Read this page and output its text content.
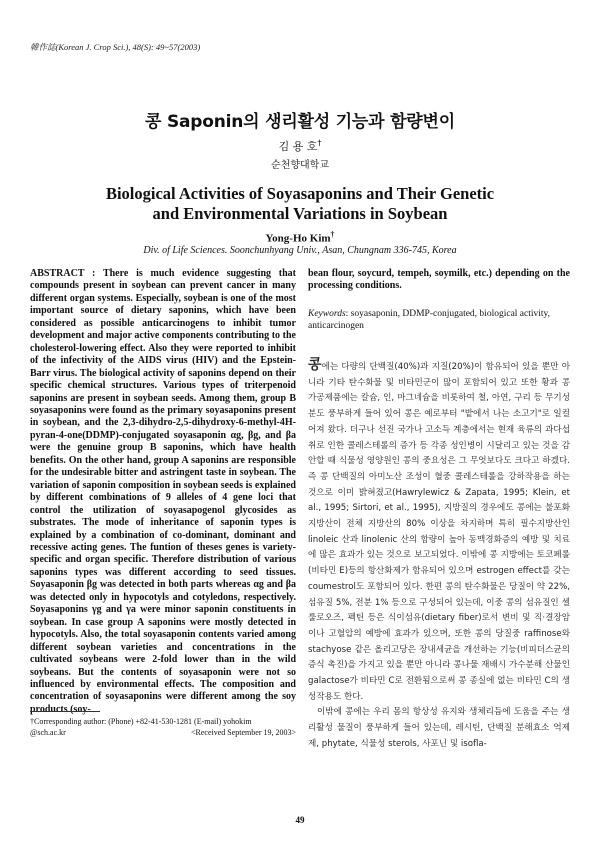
韓作誌(Korean J. Crop Sci.), 48(S): 49~57(2003)
콩 Saponin의 생리활성 기능과 함량변이
김 용 호†
순천향대학교
Biological Activities of Soyasaponins and Their Genetic
and Environmental Variations in Soybean
Yong-Ho Kim†
Div. of Life Sciences. Soonchunhyang Univ., Asan, Chungnam 336-745, Korea
ABSTRACT : There is much evidence suggesting that compounds present in soybean can prevent cancer in many different organ systems. Especially, soybean is one of the most important source of dietary saponins, which have been considered as possible anticarcinogens to inhibit tumor development and major active components contributing to the cholesterol-lowering effect. Also they were reported to inhibit of the infectivity of the AIDS virus (HIV) and the Epstein-Barr virus. The biological activity of saponins depend on their specific chemical structures. Various types of triterpenoid saponins are present in soybean seeds. Among them, group B soyasaponins were found as the primary soyasaponins present in soybean, and the 2,3-dihydro-2,5-dihydroxy-6-methyl-4H-pyran-4-one(DDMP)-conjugated soyasaponin αg, βg, and βa were the genuine group B saponins, which have health benefits. On the other hand, group A saponins are responsible for the undesirable bitter and astringent taste in soybean. The variation of saponin composition in soybean seeds is explained by different combinations of 9 alleles of 4 gene loci that control the utilization of soyasapogenol glycosides as substrates. The mode of inheritance of saponin types is explained by a combination of co-dominant, dominant and recessive acting genes. The funtion of theses genes is variety-specific and organ specific. Therefore distribution of various saponins types was different according to seed tissues. Soyasaponin βg was detected in both parts whereas αg and βa was detected only in hypocotyls and cotyledons, respectively. Soyasaponins γg and γa were minor saponin constituents in soybean. In case group A saponins were mostly detected in hypocotyls. Also, the total soyasaponin contents varied among different soybean varieties and concentrations in the cultivated soybeans were 2-fold lower than in the wild soybeans. But the contents of soyasaponin were not so influenced by environmental effects. The composition and concentration of soyasaponins were different among the soy products (soy-
†Corresponding author: (Phone) +82-41-530-1281 (E-mail) yohokim
@sch.ac.kr	<Received September 19, 2003>
bean flour, soycurd, tempeh, soymilk, etc.) depending on the processing conditions.
Keywords: soyasaponin, DDMP-conjugated, biological activity, anticarcinogen
콩에는 다량의 단백질(40%)과 지질(20%)이 함유되어 있을 뿐만 아니라 기타 탄수화물 및 비타민군이 많이 포함되어 있고 또한 황과 콩 가공제품에는 칼슘, 인, 마그네슘을 비롯하여 철, 아연, 구리 등 무기성분도 풍부하게 들어 있어 콩은 예로부터 "밭에서 나는 소고기"로 일컬어져 왔다. 더구나 선진 국가나 고소득 계층에서는 현재 육류의 과다섭취로 인한 콜레스테롤의 증가 등 각종 성인병이 시달리고 있는 것을 감안할 때 식물성 영양원인 콩의 중요성은 그 무엇보다도 크다고 하겠다. 즉 콩 단백질의 아미노산 조성이 혈중 콜레스테롤을 강하작용을 하는 것으로 이미 밝혀졌고(Hawrylewicz & Zapata, 1995; Klein, et al., 1995; Sirtori, et al., 1995), 지방질의 경우에도 콩에는 불포화지방산이 전체 지방산의 80% 이상을 차지하며 특히 필수지방산인 linoleic 산과 linolenic 산의 함량이 높아 동맥경화증의 예방 및 치료에 많은 효과가 있는 것으로 보고되었다. 이밖에 콩 지방에는 토코페롤(비타민 E)등의 항산화제가 함유되어 있으며 estrogen effect를 갖는 coumestrol도 포함되어 있다. 한편 콩의 탄수화물은 당질이 약 22%, 섬유질 5%, 전분 1% 등으로 구성되어 있는데, 이중 콩의 섬유질인 셀룰로오즈, 펙틴 등은 식이섬유(dietary fiber)로서 변비 및 직·결장암이나 고혈압의 예방에 효과가 있으며, 또한 콩의 당질중 raffinose와 stachyose 같은 올리고당은 장내세균을 개선하는 기능(비피더스균의 증식 촉진)을 가지고 있을 뿐만 아니라 콩나물 재배시 가수분해 산물인 galactose가 비타민 C로 전환됨으로써 콩 종실에 없는 비타민 C의 생성작용도 한다.
이밖에 콩에는 우리 몸의 항상성 유지와 생체리듬에 도움을 주는 생리활성 물질이 풍부하게 들어 있는데, 레시틴, 단백질 분해효소 억제제, phytate, 식물성 sterols, 사포닌 및 isofla-
49
